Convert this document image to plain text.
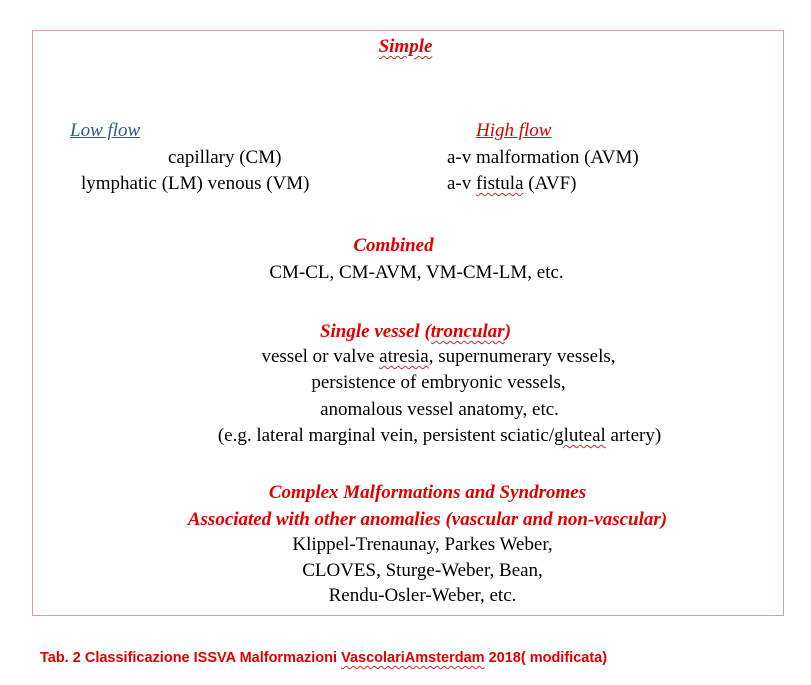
Simple
Low flow	High flow
capillary (CM)
lymphatic (LM) venous (VM)
a-v malformation (AVM)
a-v fistula (AVF)
Combined
CM-CL, CM-AVM, VM-CM-LM, etc.
Single vessel (troncular)
vessel or valve atresia, supernumerary vessels,
persistence of embryonic vessels,
anomalous vessel anatomy, etc.
(e.g. lateral marginal vein, persistent sciatic/gluteal artery)
Complex Malformations and Syndromes
Associated with other anomalies (vascular and non-vascular)
Klippel-Trenaunay, Parkes Weber,
CLOVES, Sturge-Weber, Bean,
Rendu-Osler-Weber, etc.
Tab. 2 Classificazione ISSVA Malformazioni VascolariAmsterdam 2018( modificata)
